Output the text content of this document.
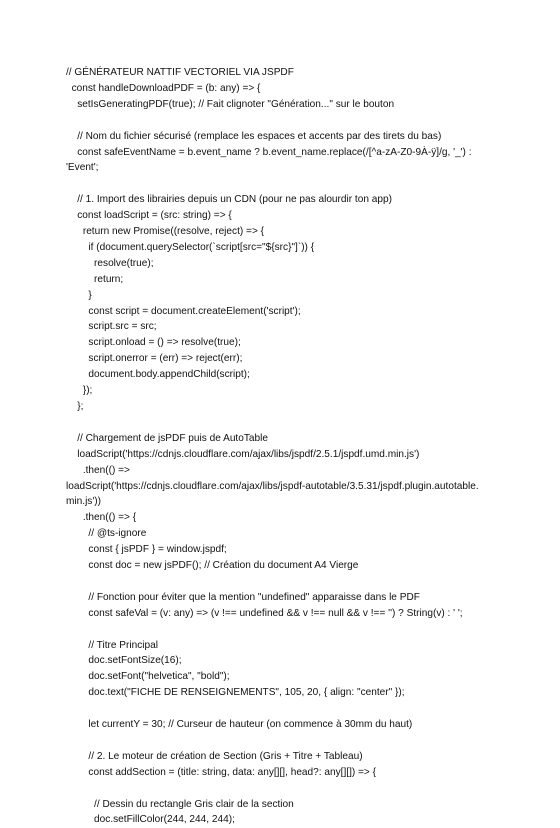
// GÉNÉRATEUR NATTIF VECTORIEL VIA JSPDF
const handleDownloadPDF = (b: any) => {
setIsGeneratingPDF(true); // Fait clignoter "Génération..." sur le bouton
// Nom du fichier sécurisé (remplace les espaces et accents par des tirets du bas)
const safeEventName = b.event_name ? b.event_name.replace(/[^a-zA-Z0-9À-ÿ]/g, '_') :
'Event';
// 1. Import des librairies depuis un CDN (pour ne pas alourdir ton app)
const loadScript = (src: string) => {
return new Promise((resolve, reject) => {
if (document.querySelector(`script[src="${src}"]`)) {
resolve(true);
return;
}
const script = document.createElement('script');
script.src = src;
script.onload = () => resolve(true);
script.onerror = (err) => reject(err);
document.body.appendChild(script);
});
};
// Chargement de jsPDF puis de AutoTable
loadScript('https://cdnjs.cloudflare.com/ajax/libs/jspdf/2.5.1/jspdf.umd.min.js')
.then(() =>
loadScript('https://cdnjs.cloudflare.com/ajax/libs/jspdf-autotable/3.5.31/jspdf.plugin.autotable.
min.js'))
.then(() => {
// @ts-ignore
const { jsPDF } = window.jspdf;
const doc = new jsPDF(); // Création du document A4 Vierge
// Fonction pour éviter que la mention "undefined" apparaisse dans le PDF
const safeVal = (v: any) => (v !== undefined && v !== null && v !== '') ? String(v) : ' ';
// Titre Principal
doc.setFontSize(16);
doc.setFont("helvetica", "bold");
doc.text("FICHE DE RENSEIGNEMENTS", 105, 20, { align: "center" });
let currentY = 30; // Curseur de hauteur (on commence à 30mm du haut)
// 2. Le moteur de création de Section (Gris + Titre + Tableau)
const addSection = (title: string, data: any[][], head?: any[][]) => {
// Dessin du rectangle Gris clair de la section
doc.setFillColor(244, 244, 244);
